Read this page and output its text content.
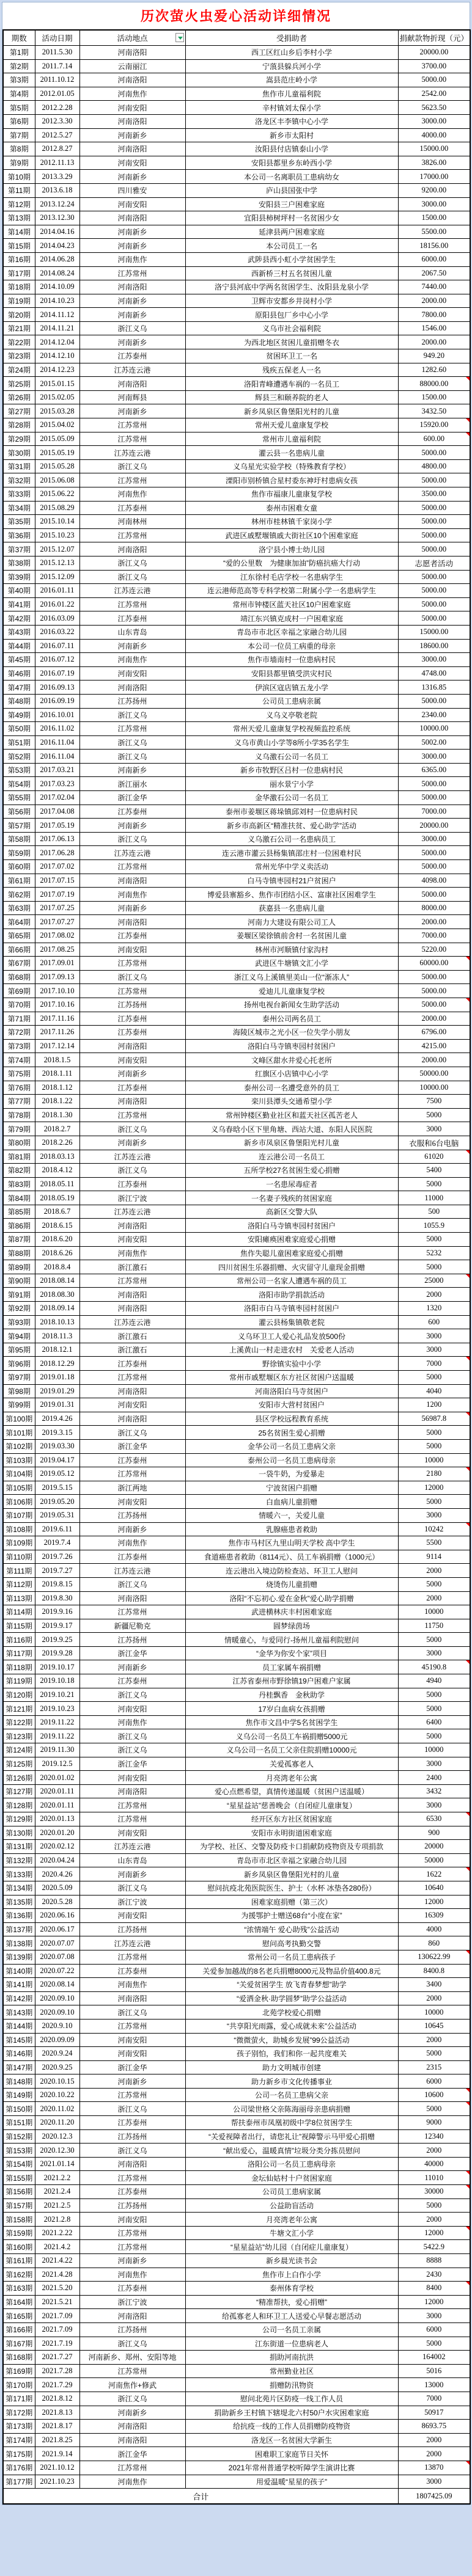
历次萤火虫爱心活动详细情况
期数	活动日期	活动地点	受捐助者	捐献款物折现（元）
第1期	2011.5.30	河南洛阳	西工区红山乡后李村小学	20000.00
第2期	2011.7.14	云南丽江	宁蒗县躲兵河小学	3700.00
第3期	2011.10.12	河南洛阳	嵩县范庄岭小学	5000.00
第4期	2012.01.05	河南焦作	焦作市儿童福利院	2542.00
第5期	2012.2.28	河南安阳	辛村镇刘太保小学	5623.50
第6期	2012.3.30	河南洛阳	洛龙区丰李镇中心小学	3000.00
第7期	2012.5.27	河南新乡	新乡市太阳村	4000.00
第8期	2012.8.27	河南洛阳	汝阳县付店镇泰山小学	15000.00
第9期	2012.11.13	河南安阳	安阳县都里乡东岭西小学	3826.00
第10期	2013.3.29	河南新乡	本公司一名离职员工患病幼女	17000.00
第11期	2013.6.18	四川雅安	庐山县国张中学	9200.00
第12期	2013.12.24	河南安阳	安阳县三户困难家庭	3000.00
第13期	2013.12.30	河南洛阳	宜阳县柿树坪村一名贫困少女	1500.00
第14期	2014.04.16	河南新乡	延津县两户困难家庭	5500.00
第15期	2014.04.23	河南新乡	本公司员工一名	18156.00
第16期	2014.06.28	河南焦作	武陟县西小虹小学贫困学生	6000.00
第17期	2014.08.24	江苏常州	西新桥三村五名贫困儿童	2067.50
第18期	2014.10.09	河南洛阳	洛宁县河底中学两名贫困学生、汝阳县龙泉小学	7440.00
第19期	2014.10.23	河南新乡	卫辉市安都乡井岗村小学	2000.00
第20期	2014.11.12	河南新乡	原阳县包厂乡中心小学	7800.00
第21期	2014.11.21	浙江义乌	义乌市社会福利院	1546.00
第22期	2014.12.04	河南新乡	为西北地区贫困儿童捐赠冬衣	2000.00
第23期	2014.12.10	江苏泰州	贫困环卫工一名	949.20
第24期	2014.12.23	江苏连云港	残疾五保老人一名	1282.60
第25期	2015.01.15	河南洛阳	洛阳青峰遭遇车祸的一名员工	88000.00

第26期	2015.02.05	河南辉县	辉县三和颐养院的老人	1500.00
第27期	2015.03.28	河南新乡	新乡凤泉区鲁堡阳光村的儿童	3432.50
第28期	2015.04.02	江苏常州	常州天爱儿童康复学校	15920.00

第29期	2015.05.09	江苏常州	常州市儿童福利院	600.00

第30期	2015.05.19	江苏连云港	灌云县一名患病儿童	5000.00
第31期	2015.05.28	浙江义乌	义乌星光实验学校（特殊教育学校）	4800.00
第32期	2015.06.08	江苏常州	溧阳市别桥镇合星村委东神圩村患病女孩	5000.00
第33期	2015.06.22	河南焦作	焦作市福康儿童康复学校	3500.00
第34期	2015.08.29	江苏泰州	泰州市困难女童	5000.00
第35期	2015.10.14	河南林州	林州市桂林镇千家岗小学	5000.00
第36期	2015.10.23	江苏常州	武进区戚墅堰镇戚大街社区10个困难家庭	5000.00
第37期	2015.12.07	河南洛阳	洛宁县小博士幼儿园	5000.00
第38期	2015.12.13	浙江义乌	“爱的公里数　为健康加油”防癌抗癌大行动	志愿者活动
第39期	2015.12.09	浙江义乌	江东徐村毛店学校一名患病学生	5000.00
第40期	2016.01.11	江苏连云港	连云港师范高等专科学校第二附属小学一名患病学生	5000.00
第41期	2016.01.22	江苏常州	常州市钟楼区蓝天社区10户困难家庭	5000.00
第42期	2016.03.09	江苏泰州	靖江东兴镇克成村一户困难家庭	5000.00
第43期	2016.03.22	山东青岛	青岛市市北区幸福之家融合幼儿园	15000.00
第44期	2016.07.11	河南新乡	本公司一位员工病重的母亲	18600.00
第45期	2016.07.12	河南焦作	焦作市墙南村一位患病村民	3000.00
第46期	2016.07.19	河南安阳	安阳县都里镇受洪灾村民	4748.00
第47期	2016.09.13	河南洛阳	伊滨区寇店镇五龙小学	1316.85
第48期	2016.09.19	江苏扬州	公司员工患病亲属	5000.00
第49期	2016.10.01	浙江义乌	义乌义亭敬老院	2340.00
第50期	2016.11.02	江苏常州	常州天爱儿童康复学校视频监控系统	10000.00
第51期	2016.11.04	浙江义乌	义乌市黄山小学等8所小学35名学生	5002.00
第52期	2016.11.04	浙江义乌	义乌激石公司一名员工	3000.00
第53期	2017.03.21	河南新乡	新乡市牧野区吕村一位患病村民	6365.00
第54期	2017.03.23	浙江丽水	丽水景宁小学	5000.00
第55期	2017.02.04	浙江金华	金华激石公司一名员工	5000.00
第56期	2017.04.08	江苏泰州	泰州市姜堰区蒋垛镇邱刘村一位患病村民	7000.00
第57期	2017.05.19	河南新乡	新乡市高新区“精准扶贫、爱心助学”活动	20000.00
第58期	2017.06.13	浙江义乌	义乌激石公司一名患病员工	3000.00
第59期	2017.06.28	江苏连云港	连云港市灌云县杨集镇邵庄村一位困难村民	5000.00
第60期	2017.07.02	江苏常州	常州光华中学义卖活动	5000.00
第61期	2017.07.15	河南洛阳	白马寺镇枣园村21户贫困户	4098.00
第62期	2017.07.19	河南焦作	博爱县寨豁乡、焦作市团结小区、富康社区困难学生	5000.00
第63期	2017.07.25	河南新乡	获嘉县一名患病儿童	8000.00
第64期	2017.07.27	河南洛阳	河南力大建设有限公司工人	2000.00
第65期	2017.08.02	江苏泰州	姜堰区梁徐镇前舍村一名贫困儿童	7000.00
第66期	2017.08.25	河南安阳	林州市河顺镇付家沟村	5220.00
第67期	2017.09.01	江苏常州	武进区牛塘镇文汇小学	60000.00

第68期	2017.09.13	浙江义乌	浙江义乌上溪镇里美山一位“渐冻人”	5000.00
第69期	2017.10.10	江苏常州	爱迪儿儿童康复学校	5000.00
第70期	2017.10.16	江苏扬州	扬州电视台新闻女生助学活动	5000.00

第71期	2017.11.16	江苏泰州	泰州公司两名员工	2000.00
第72期	2017.11.26	江苏泰州	海陵区城市之光小区一位失学小朋友	6796.00
第73期	2017.12.14	河南洛阳	洛阳白马寺镇枣园村贫困户	4215.00
第74期	2018.1.5	河南安阳	文峰区甜水井爱心托老所	2000.00
第75期	2018.1.11	河南新乡	红旗区小店镇中心小学	50000.00
第76期	2018.1.12	江苏泰州	泰州公司一名遭受意外的员工	10000.00
第77期	2018.1.22	河南洛阳	栾川县潭头交通希望小学	7500
第78期	2018.1.30	江苏常州	常州钟楼区勤业社区和蓝天社区孤苦老人	5000
第79期	2018.2.7	浙江义乌	义乌春晗小区下里角塘、西站大道、东阳人民医院	3000
第80期	2018.2.26	河南新乡	新乡市凤泉区鲁堡阳光村儿童	衣服和6台电脑
第81期	2018.03.13	江苏连云港	连云港公司一名员工	61020

第82期	2018.4.12	浙江义乌	五所学校27名贫困生爱心捐赠	5400
第83期	2018.05.11	江苏泰州	一名患尿毒症者	5000
第84期	2018.05.19	浙江宁波	一名妻子残疾的贫困家庭	11000
第85期	2018.6.7	江苏连云港	高新区交警大队	500
第86期	2018.6.15	河南洛阳	洛阳白马寺镇枣园村贫困户	1055.9
第87期	2018.6.20	河南安阳	安阳瘫痪困难家庭爱心捐赠	5000
第88期	2018.6.26	河南焦作	焦作失聪儿童困难家庭爱心捐赠	5232
第89期	2018.8.4	浙江激石	四川贫困生乐器捐赠、火灾留守儿童现金捐赠	5000
第90期	2018.08.14	江苏常州	常州公司一名家人遭遇车祸的员工	25000

第91期	2018.08.30	河南洛阳	洛阳市助学捐款活动	2000
第92期	2018.09.14	河南洛阳	洛阳市白马寺镇枣园村贫困户	1320
第93期	2018.10.13	江苏连云港	灌云县杨集镇敬老院	600
第94期	2018.11.3	浙江激石	义乌环卫工人爱心礼品发放500份	3000
第95期	2018.12.1	浙江激石	上溪黄山一村走进农村　关爱老人活动	3000
第96期	2018.12.29	江苏泰州	野徐镇实验中小学	7000

第97期	2019.01.18	江苏常州	常州市戚墅堰区东方社区贫困户送温暖	5000
第98期	2019.01.29	河南洛阳	河南洛阳白马寺贫困户	4040
第99期	2019.01.31	河南安阳	安阳市大营村贫困户	1200
第100期	2019.4.26	河南洛阳	县区学校远程教育系统	56987.8

第101期	2019.3.15	浙江义乌	25名贫困生爱心捐赠	5000
第102期	2019.03.30	浙江金华	金华公司一名员工患病父亲	5000
第103期	2019.04.17	江苏泰州	泰州公司一名员工患病母亲	10000
第104期	2019.05.12	江苏常州	一袋牛奶，为爱暴走	2180

第105期	2019.5.15	浙江两地	宁波贫困户捐赠	12000
第106期	2019.05.20	河南安阳	白血病儿童捐赠	5000
第107期	2019.05.31	江苏扬州	情暖六一，关爱儿童	3000
第108期	2019.6.11	河南新乡	乳腺癌患者救助	10242

第109期	2019.7.4	河南焦作	焦作市马村区九里山明天学校 高中学生	5500
第110期	2019.7.26	江苏泰州	食道癌患者救助（8114元）、员工车祸捐赠（1000元）	9114
第111期	2019.7.27	江苏连云港	连云港出入境边防检查站、环卫工人慰问	2000
第112期	2019.8.15	浙江义乌	烧烫伤儿童捐赠	5000
第113期	2019.8.30	河南洛阳	洛阳“不忘初心.爱在金秋”爱心助学捐赠	2000
第114期	2019.9.16	江苏常州	武进横林庆丰村困难家庭	10000
第115期	2019.9.17	新疆尼勒克	圆梦绿茵场	11750
第116期	2019.9.25	江苏扬州	情暖童心，与爱同行-扬州儿童福利院慰问	5000
第117期	2019.9.28	浙江金华	“金华为你安个家”项目	3000
第118期	2019.10.17	河南新乡	员工家属车祸捐赠	45190.8

第119期	2019.10.18	江苏泰州	江苏省泰州市野徐镇19户困难户家属	4940
第120期	2019.10.21	浙江义乌	丹桂飘香　金秋助学	5000
第121期	2019.10.23	河南安阳	17岁白血病女孩捐赠	5000
第122期	2019.11.22	河南焦作	焦作市文昌中学5名贫困学生	6400
第123期	2019.11.22	浙江义乌	义乌公司一名员工车祸捐赠5000元	5000
第124期	2019.11.30	浙江义乌	义乌公司一名员工父亲住院捐赠10000元	10000
第125期	2019.12.5	浙江金华	关爱孤寡老人	3000
第126期	2020.01.02	河南安阳	月亮湾老年公寓	2400
第127期	2020.01.11	河南洛阳	爱心点燃希望，真情传递温暖（贫困户送温暖）	3432
第128期	2020.01.11	江苏常州	“星星益站”慈善晚会（自闭症儿童康复）	3000
第129期	2020.01.13	江苏常州	经开区东方社区贫困家庭	6530

第130期	2020.01.20	河南安阳	安阳市永明街道困难家庭	900
第131期	2020.02.12	江苏连云港	为学校、社区、交警及防疫卡口捐献防疫物资及专项捐款	20000
第132期	2020.04.24	山东青岛	青岛市市北区幸福之家融合幼儿园	50000
第133期	2020.4.26	河南新乡	新乡凤泉区鲁堡阳光村的儿童	1622

第134期	2020.5.09	浙江义乌	慰问抗疫北苑医院医生、护士（水杯 冰垫各280份）	10640
第135期	2020.5.28	浙江宁波	困难家庭捐赠（第三次）	12000
第136期	2020.06.16	河南安阳	为援鄂护士赠送68台“小度在家”	16309
第137期	2020.06.17	江苏扬州	“浓情端午 爱心助残”公益活动	4000
第138期	2020.07.07	江苏连云港	慰问高考执勤交警	860
第139期	2020.07.08	江苏常州	常州公司一名员工患病孩子	130622.99

第140期	2020.07.22	江苏泰州	关爱参加越战的8名老兵捐赠8000元及物品价值400.8元	8400.8
第141期	2020.08.14	河南焦作	“关爱贫困学生 放飞青春梦想”助学	3400
第142期	2020.09.10	河南洛阳	“爱洒金秋·助学圆梦”助学公益活动	2000
第143期	2020.09.10	浙江义乌	北苑学校爱心捐赠	10000
第144期	2020.9.10	江苏常州	“共享阳光雨露，爱心成就未来”公益活动	10645
第145期	2020.09.09	河南安阳	“微微萤火，助城乡发展”99公益活动	2000
第146期	2020.9.24	河南安阳	孩子别怕，我们和你一起共度难关	5000
第147期	2020.9.25	浙江金华	助力文明城市创建	2315
第148期	2020.10.15	河南新乡	助力新乡市文化传播事业	6000
第149期	2020.10.22	江苏常州	公司一名员工患病父亲	10600

第150期	2020.11.02	浙江义乌	公司梁世格父亲陈海丽母亲患病捐赠	5000

第151期	2020.11.20	江苏泰州	帮扶泰州市凤凰初级中学8位贫困学生	9000
第152期	2020.12.3	江苏扬州	“关爱视障者出行，请您礼让”视障警示马甲爱心捐赠	12340
第153期	2020.12.30	浙江义乌	“献出爱心，温暖真情”垃圾分类分拣员慰问	2000
第154期	2021.01.14	河南洛阳	洛阳公司一名员工患病母亲	40000
第155期	2021.2.2	江苏常州	金坛仙姑村十户贫困家庭	11010

第156期	2021.2.4	江苏泰州	公司员工患病家属	30000

第157期	2021.2.5	江苏扬州	公益助盲活动	5000
第158期	2021.2.8	河南安阳	月亮湾老年公寓	2000
第159期	2021.2.22	江苏常州	牛塘文汇小学	12000

第160期	2021.4.2	江苏常州	“星星益站”幼儿园（自闭症儿童康复）	5422.9
第161期	2021.4.22	河南新乡	新乡晨光读书会	8888
第162期	2021.4.28	河南焦作	焦作市上白作小学	2430
第163期	2021.5.20	江苏泰州	泰州体育学校	8400

第164期	2021.5.21	浙江宁波	“精准帮扶，爱心捐赠”	12000
第165期	2021.7.09	河南洛阳	给孤寡老人和环卫工人送爱心早餐志愿活动	3000
第166期	2021.7.09	江苏扬州	公司一名员工亲属	6000
第167期	2021.7.19	浙江义乌	江东街道一位患病老人	5000
第168期	2021.7.27	河南新乡、郑州、安阳等地	捐助河南抗洪	164002
第169期	2021.7.28	江苏常州	常州勤业社区	5016
第170期	2021.7.29	河南焦作+修武	捐赠防汛物资	13000
第171期	2021.8.12	浙江义乌	慰问北苑片区防疫一线工作人员	7000
第172期	2021.8.13	河南新乡	捐助新乡王村镇下辖堤北六村50户水灾困难家庭	50917
第173期	2021.8.17	河南洛阳	给抗疫一线的工作人员捐赠防疫物资	8693.75
第174期	2021.8.25	河南洛阳	洛龙区一名贫困大学新生	2000
第175期	2021.9.14	浙江金华	困难职工家庭节日关怀	2000
第176期	2021.10.12	江苏常州	2021年常州普通学校听障学生演讲比赛	13870

第177期	2021.10.23	河南焦作	用爱温暖“星星的孩子”	3000
合计				1807425.09
